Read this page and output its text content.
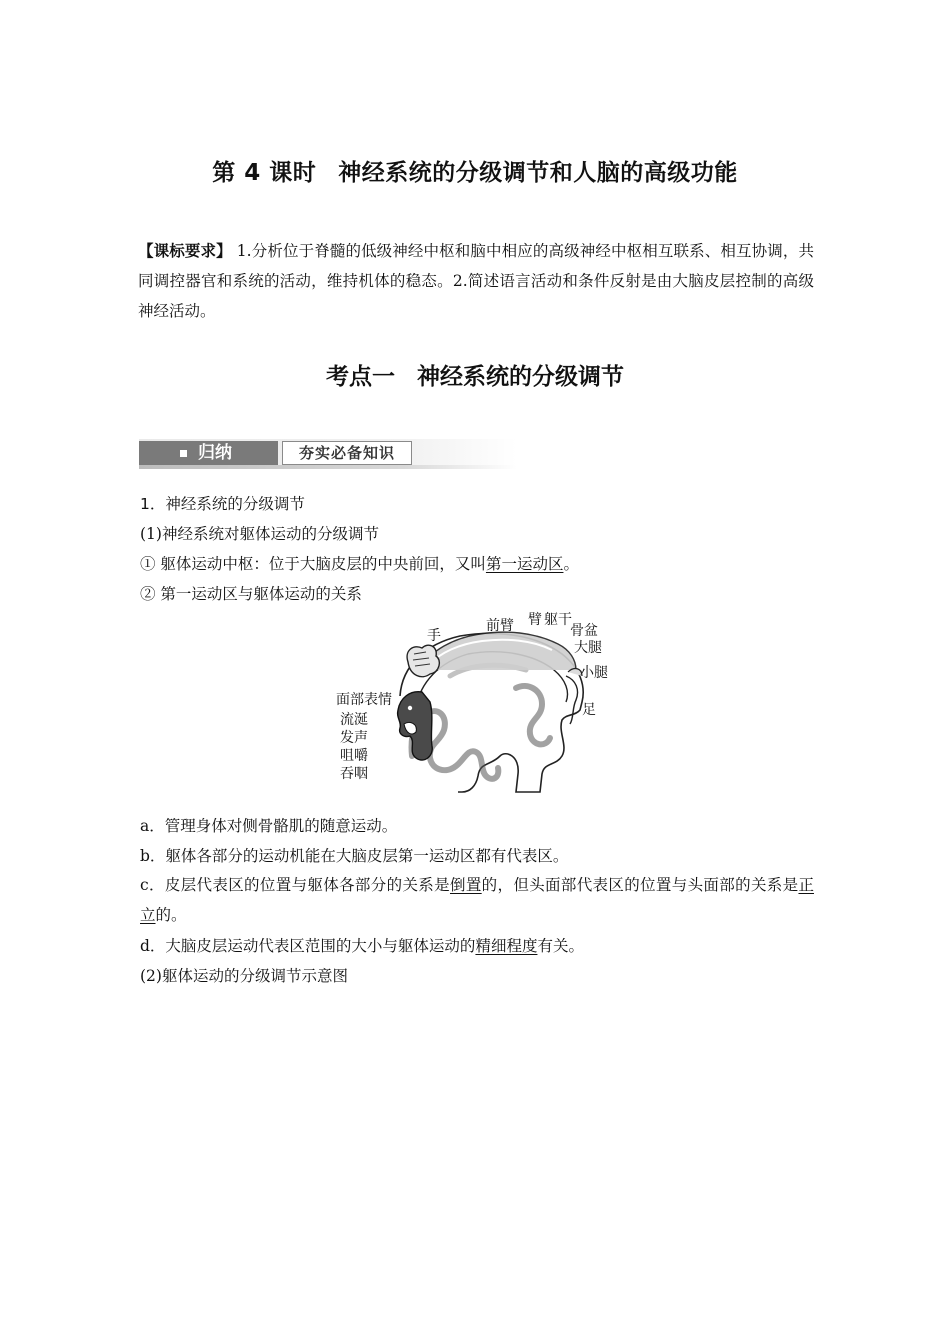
第 4 课时 神经系统的分级调节和人脑的高级功能
【课标要求】 1.分析位于脊髓的低级神经中枢和脑中相应的高级神经中枢相互联系、相互协调，共同调控器官和系统的活动，维持机体的稳态。2.简述语言活动和条件反射是由大脑皮层控制的高级神经活动。
考点一 神经系统的分级调节
归纳	夯实必备知识
1．神经系统的分级调节
(1)神经系统对躯体运动的分级调节
① 躯体运动中枢：位于大脑皮层的中央前回，又叫第一运动区。
② 第一运动区与躯体运动的关系
手
前臂 臂 躯干
骨盆
大腿
小腿
足
面部表情
流涎
发声
咀嚼
吞咽
a．管理身体对侧骨骼肌的随意运动。
b．躯体各部分的运动机能在大脑皮层第一运动区都有代表区。
c．皮层代表区的位置与躯体各部分的关系是倒置的，但头面部代表区的位置与头面部的关系是正立的。
d．大脑皮层运动代表区范围的大小与躯体运动的精细程度有关。
(2)躯体运动的分级调节示意图
